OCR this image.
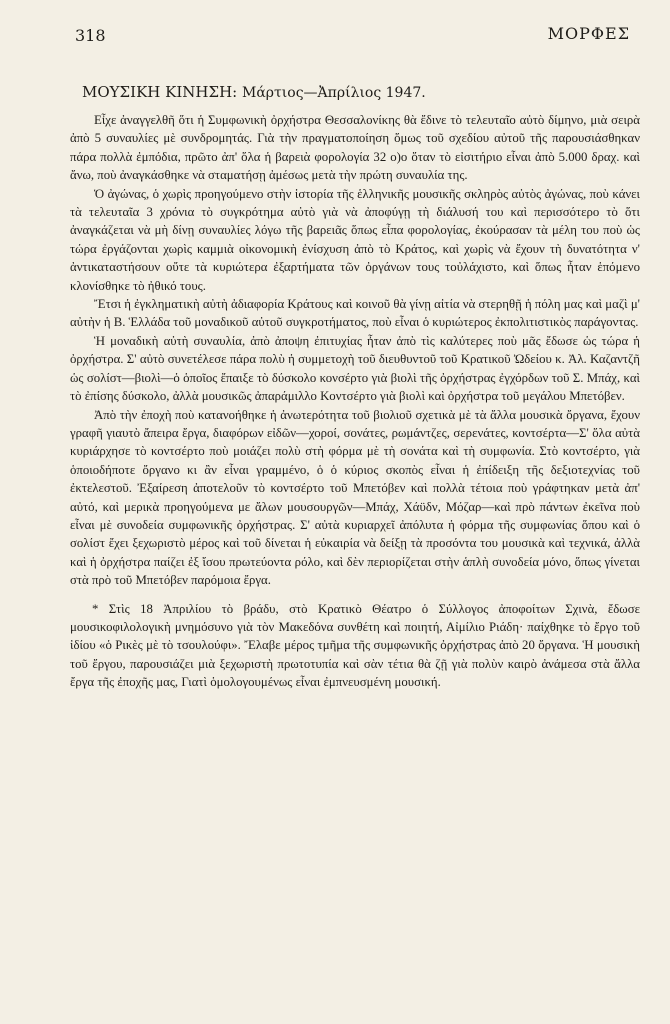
318	ΜΟΡΦΕΣ
ΜΟΥΣΙΚΗ ΚΙΝΗΣΗ: Μάρτιος—Ἀπρίλιος 1947.

Εἶχε ἀναγγελθῆ ὅτι ἡ Συμφωνικὴ ὀρχήστρα Θεσσαλονίκης θὰ ἔδινε τὸ τελευταῖο αὐτὸ δίμηνο, μιὰ σειρὰ ἀπὸ 5 συναυλίες μὲ συνδρομητάς. Γιὰ τὴν πραγματοποίηση ὅμως τοῦ σχεδίου αὐτοῦ τῆς παρουσιάσθηκαν πάρα πολλὰ ἐμπόδια, πρῶτο ἀπ' ὅλα ἡ βαρειὰ φορολογία 32 ο)ο ὅταν τὸ εἰσιτήριο εἶναι ἀπὸ 5.000 δραχ. καὶ ἄνω, ποὺ ἀναγκάσθηκε νὰ σταματήσῃ ἀμέσως μετὰ τὴν πρώτη συναυλία της.

Ὁ ἀγώνας, ὁ χωρὶς προηγούμενο στὴν ἱστορία τῆς ἑλληνικῆς μουσικῆς σκληρὸς αὐτὸς ἀγώνας, ποὺ κάνει τὰ τελευταῖα 3 χρόνια τὸ συγκρότημα αὐτὸ γιὰ νὰ ἀποφύγῃ τὴ διάλυσή του καὶ περισσότερο τὸ ὅτι ἀναγκάζεται νὰ μὴ δίνῃ συναυλίες λόγω τῆς βαρειᾶς ὅπως εἶπα φορολογίας, ἐκούρασαν τὰ μέλη του ποὺ ὡς τώρα ἐργάζονται χωρὶς καμμιὰ οἰκονομικὴ ἐνίσχυση ἀπὸ τὸ Κράτος, καὶ χωρὶς νὰ ἔχουν τὴ δυνατότητα ν' ἀντικαταστήσουν οὔτε τὰ κυριώτερα ἐξαρτήματα τῶν ὀργάνων τους τοὐλάχιστο, καὶ ὅπως ἦταν ἑπόμενο κλονίσθηκε τὸ ἠθικό τους.

Ἔτσι ἡ ἐγκληματικὴ αὐτὴ ἀδιαφορία Κράτους καὶ κοινοῦ θὰ γίνῃ αἰτία νὰ στερηθῇ ἡ πόλη μας καὶ μαζὶ μ' αὐτὴν ἡ Β. Ἑλλάδα τοῦ μοναδικοῦ αὐτοῦ συγκροτήματος, ποὺ εἶναι ὁ κυριώτερος ἐκπολιτιστικὸς παράγοντας.

Ἡ μοναδικὴ αὐτὴ συναυλία, ἀπὸ ἀποψη ἐπιτυχίας ἦταν ἀπὸ τὶς καλύτερες ποὺ μᾶς ἔδωσε ὡς τώρα ἡ ὀρχήστρα. Σ' αὐτὸ συνετέλεσε πάρα πολὺ ἡ συμμετοχὴ τοῦ διευθυντοῦ τοῦ Κρατικοῦ Ὠδείου κ. Ἀλ. Καζαντζῆ ὡς σολίστ—βιολὶ—ὁ ὁποῖος ἔπαιξε τὸ δύσκολο κονσέρτο γιὰ βιολὶ τῆς ὀρχήστρας ἐγχόρδων τοῦ Σ. Μπάχ, καὶ τὸ ἐπίσης δύσκολο, ἀλλὰ μουσικῶς ἀπαράμιλλο Κοντσέρτο γιὰ βιολὶ καὶ ὀρχήστρα τοῦ μεγάλου Μπετόβεν.

Ἀπὸ τὴν ἐποχὴ ποὺ κατανοήθηκε ἡ ἀνωτερότητα τοῦ βιολιοῦ σχετικὰ μὲ τὰ ἄλλα μουσικὰ ὄργανα, ἔχουν γραφῆ γιαυτὸ ἄπειρα ἔργα, διαφόρων εἰδῶν—χοροί, σονάτες, ρωμάντζες, σερενάτες, κοντσέρτα—Σ' ὅλα αὐτὰ κυριάρχησε τὸ κοντσέρτο ποὺ μοιάζει πολὺ στὴ φόρμα μὲ τὴ σονάτα καὶ τὴ συμφωνία. Στὸ κοντσέρτο, γιὰ ὁποιοδήποτε ὄργανο κι ἂν εἶναι γραμμένο, ὁ ὁ κύριος σκοπὸς εἶναι ἡ ἐπίδειξη τῆς δεξιοτεχνίας τοῦ ἐκτελεστοῦ. Ἐξαίρεση ἀποτελοῦν τὸ κοντσέρτο τοῦ Μπετόβεν καὶ πολλὰ τέτοια ποὺ γράφτηκαν μετὰ ἀπ' αὐτό, καὶ μερικὰ προηγούμενα με ἄλων μουσουργῶν—Μπάχ, Χάϋδν, Μόζαρ—καὶ πρὸ πάντων ἐκεῖνα ποὺ εἶναι μὲ συνοδεία συμφωνικῆς ὀρχήστρας. Σ' αὐτὰ κυριαρχεῖ ἀπόλυτα ἡ φόρμα τῆς συμφωνίας ὅπου καὶ ὁ σολίστ ἔχει ξεχωριστὸ μέρος καὶ τοῦ δίνεται ἡ εὐκαιρία νὰ δείξῃ τὰ προσόντα του μουσικὰ καὶ τεχνικά, ἀλλὰ καὶ ἡ ὀρχήστρα παίζει ἐξ ἴσου πρωτεύοντα ρόλο, καὶ δὲν περιορίζεται στὴν ἁπλὴ συνοδεία μόνο, ὅπως γίνεται στὰ πρὸ τοῦ Μπετόβεν παρόμοια ἔργα.

* Στὶς 18 Ἀπριλίου τὸ βράδυ, στὸ Κρατικὸ Θέατρο ὁ Σύλλογος ἀποφοίτων Σχινὰ, ἔδωσε μουσικοφιλολογικὴ μνημόσυνο γιὰ τὸν Μακεδόνα συνθέτη καὶ ποιητή, Αἰμίλιο Ριάδη· παίχθηκε τὸ ἔργο τοῦ ἰδίου «ὁ Ρικὲς μὲ τὸ τσουλούφι». Ἔλαβε μέρος τμῆμα τῆς συμφωνικῆς ὀρχήστρας ἀπὸ 20 ὄργανα. Ἡ μουσικὴ τοῦ ἔργου, παρουσιάζει μιὰ ξεχωριστὴ πρωτοτυπία καὶ σὰν τέτια θὰ ζῇ γιὰ πολὺν καιρὸ ἀνάμεσα στὰ ἄλλα ἔργα τῆς ἐποχῆς μας, Γιατὶ ὁμολογουμένως εἶναι ἐμπνευσμένη μουσική.
